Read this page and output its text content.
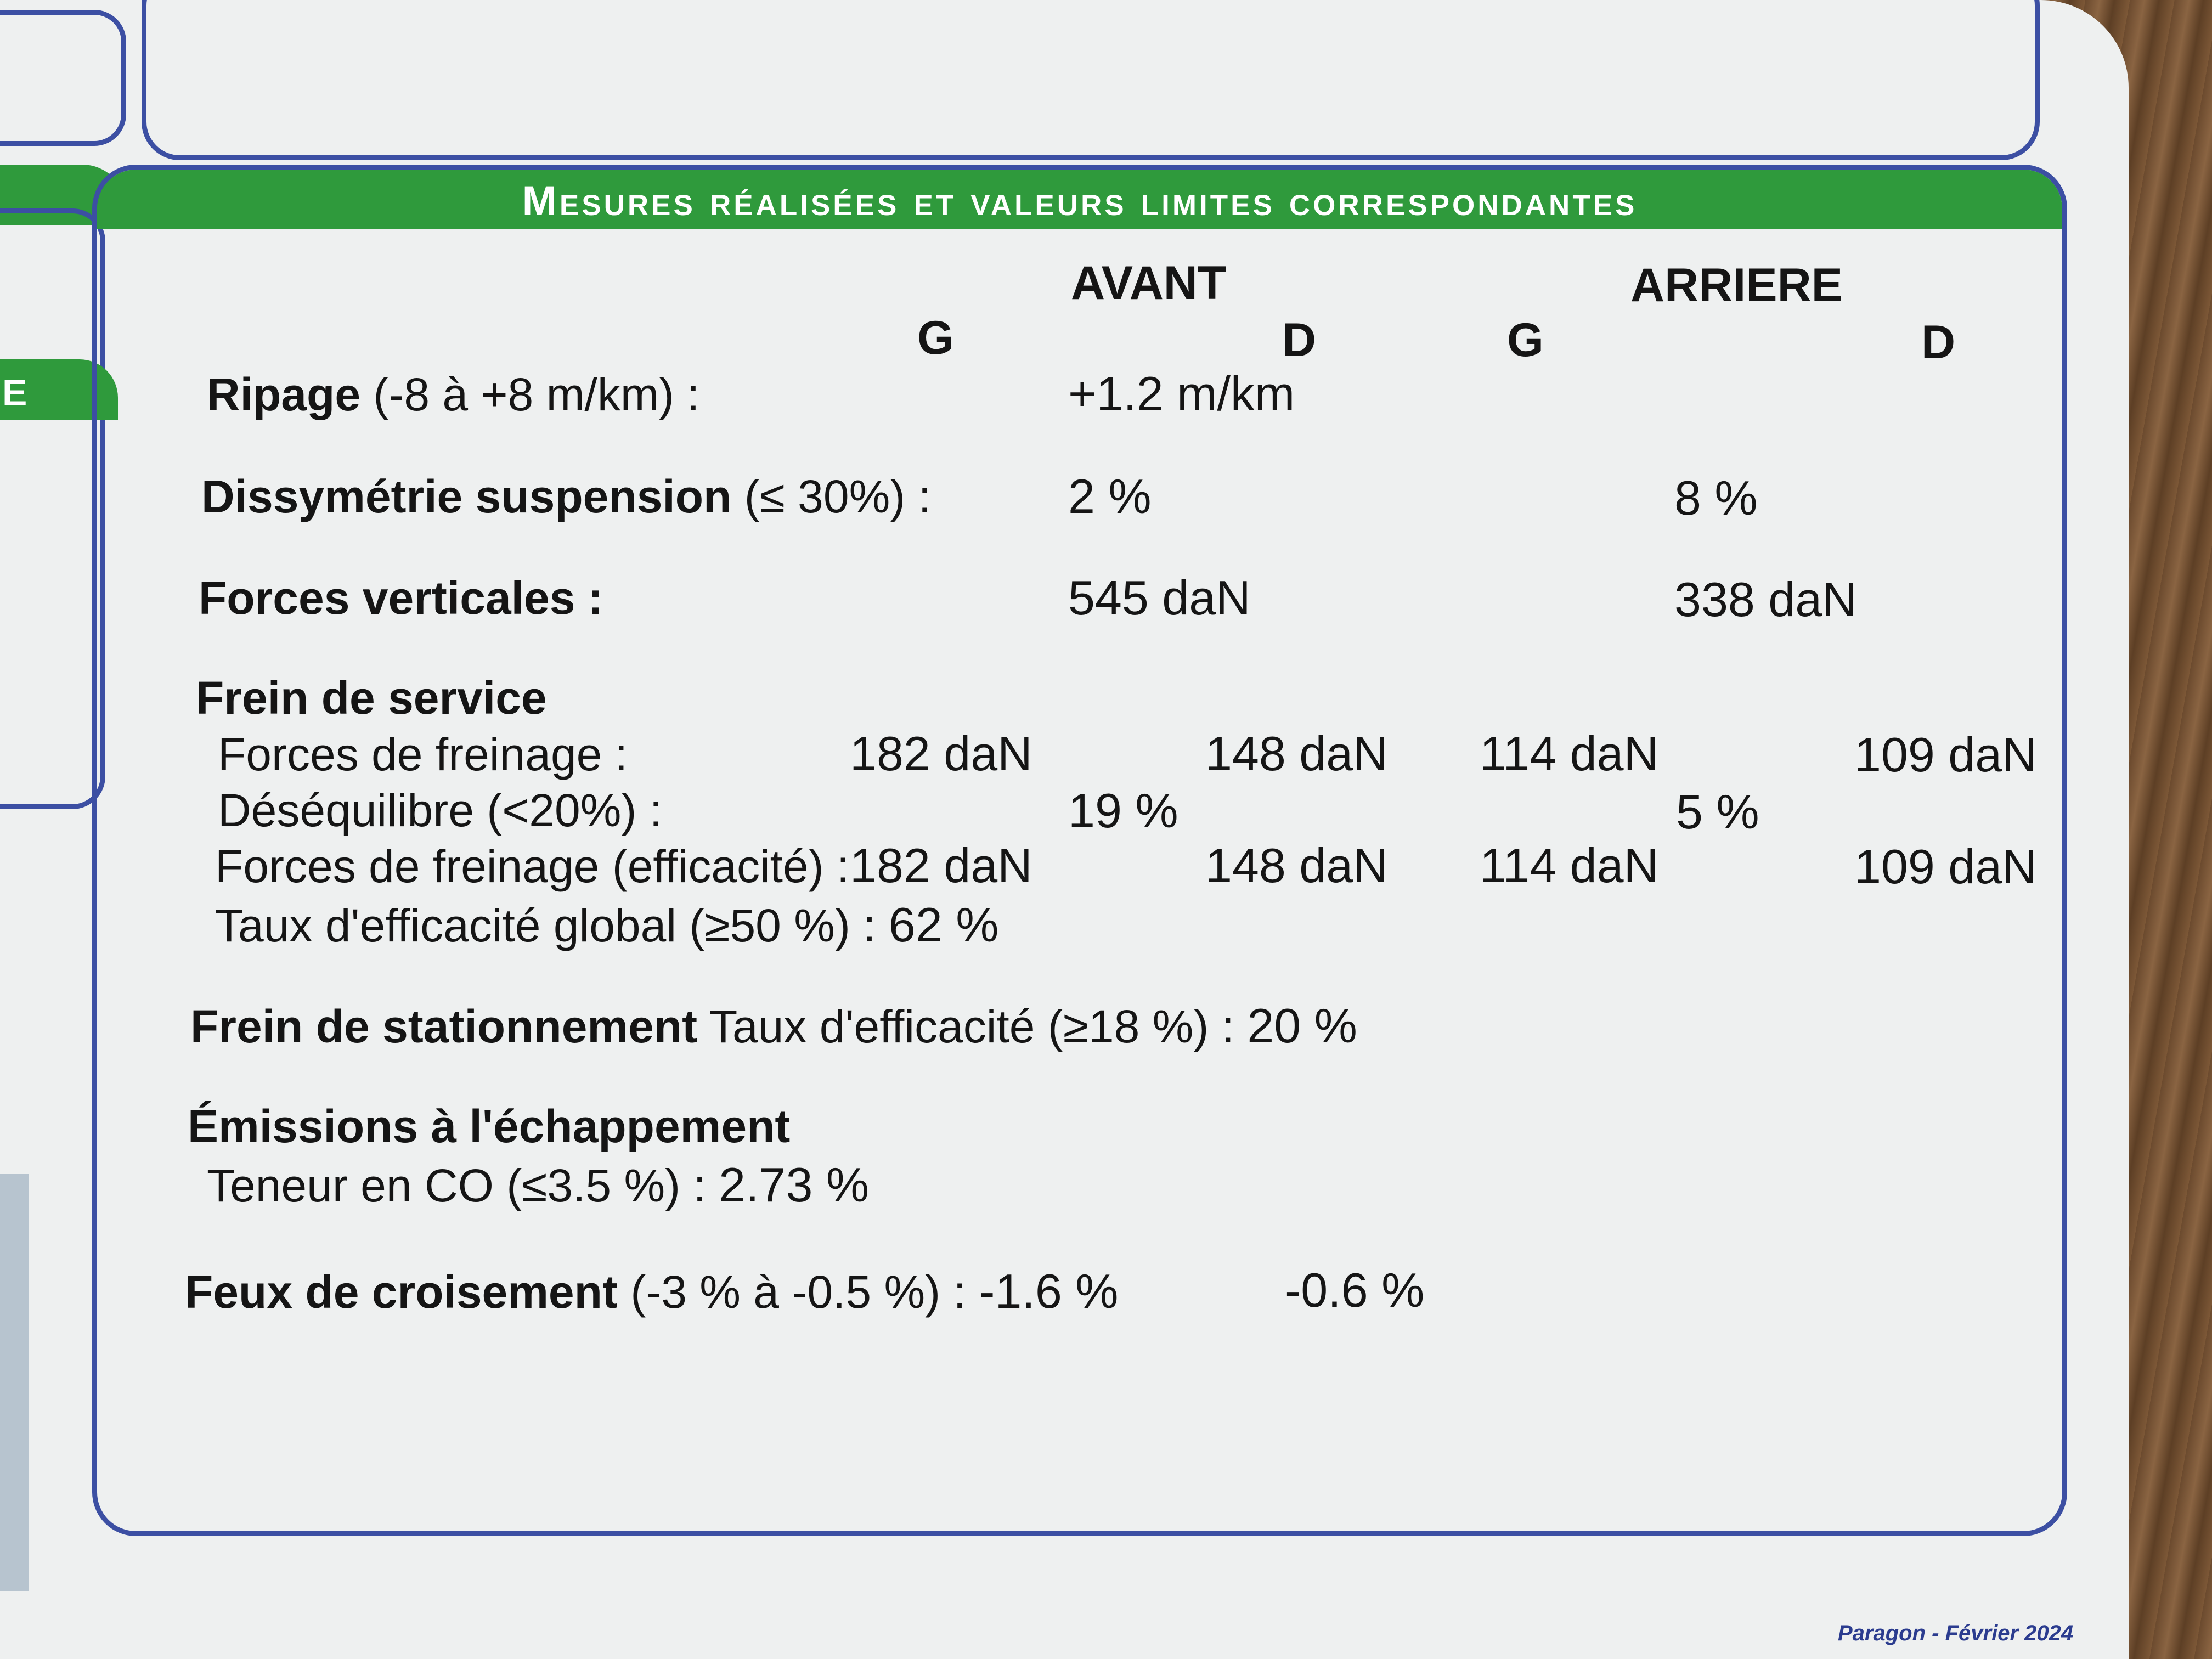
E
Mesures réalisées et valeurs limites correspondantes
AVANT	ARRIERE
G	D	G	D
Ripage (-8 à +8 m/km) :	+1.2 m/km
Dissymétrie suspension (≤ 30%) :	2 %	8 %
Forces verticales :	545 daN	338 daN
Frein de service
Forces de freinage :	182 daN	148 daN 114 daN	109 daN
Déséquilibre (<20%) :	19 %	5 %
Forces de freinage (efficacité) : 182 daN	148 daN 114 daN	109 daN
Taux d'efficacité global (≥50 %) : 62 %
Frein de stationnement Taux d'efficacité (≥18 %) : 20 %
Émissions à l'échappement
Teneur en CO (≤3.5 %) : 2.73 %
Feux de croisement (-3 % à -0.5 %) : -1.6 %	-0.6 %
Paragon - Février 2024
